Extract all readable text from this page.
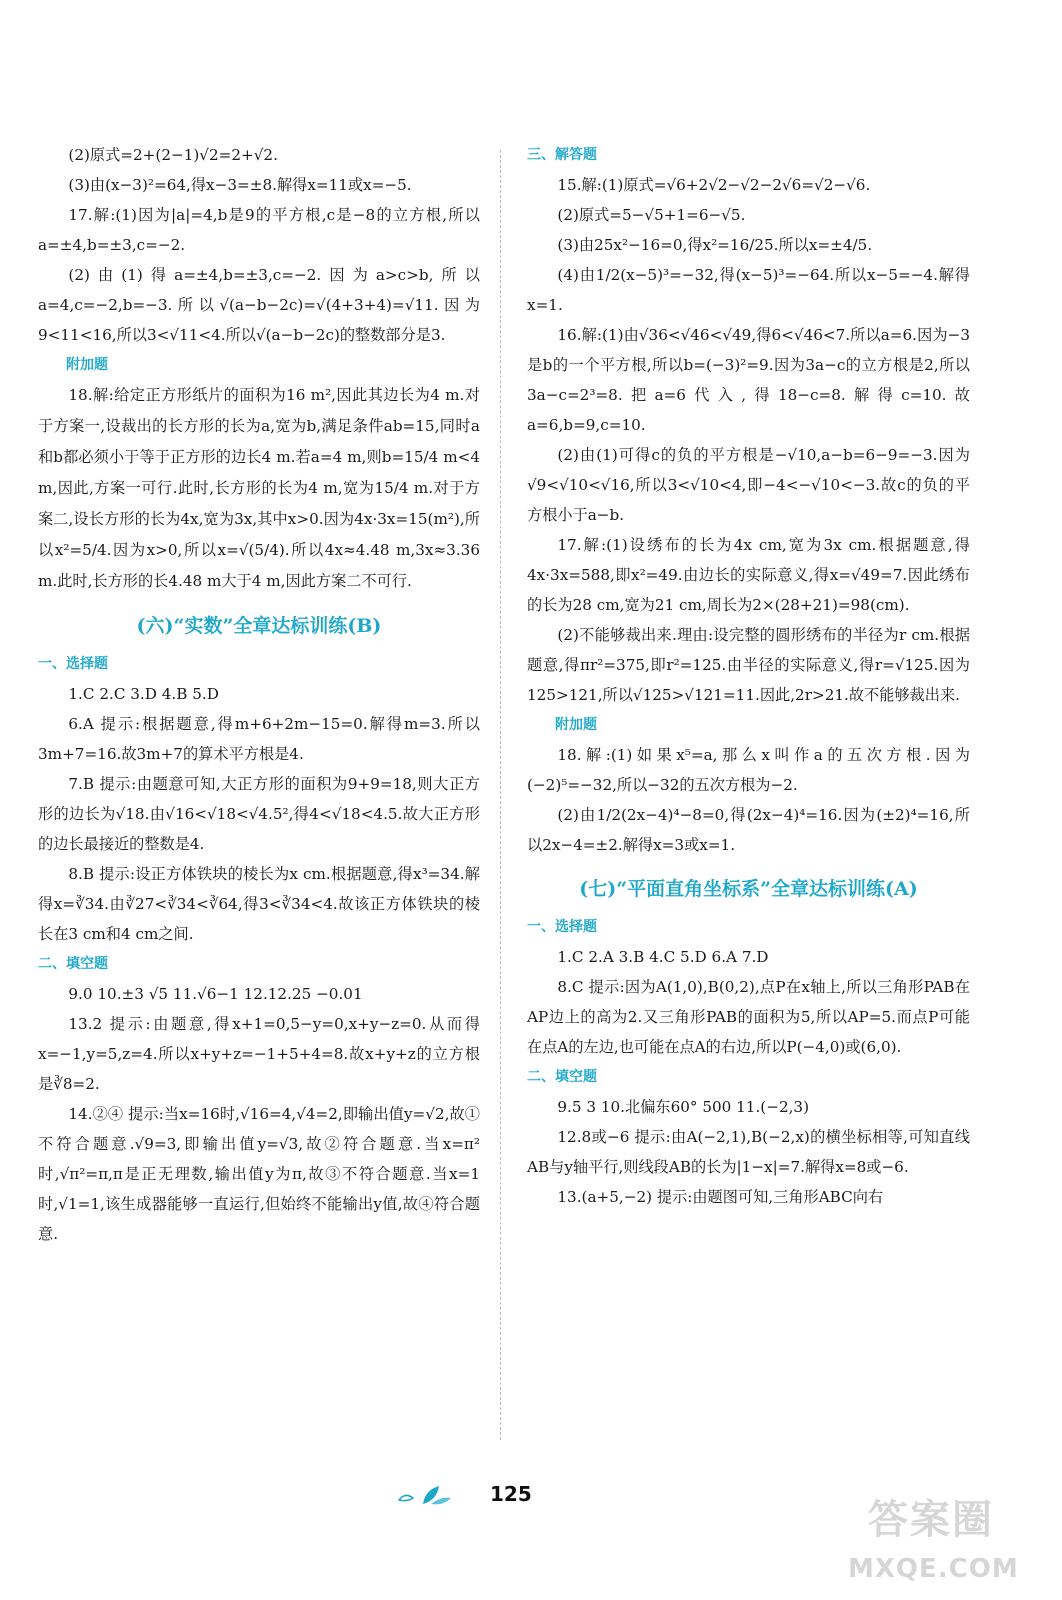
(2)原式=2+(2−1)√2=2+√2.

(3)由(x−3)²=64,得x−3=±8.解得x=11或x=−5.

17.解:(1)因为|a|=4,b是9的平方根,c是−8的立方根,所以a=±4,b=±3,c=−2.

(2)由(1)得a=±4,b=±3,c=−2.因为a>c>b,所以a=4,c=−2,b=−3.所以√(a−b−2c)=√(4+3+4)=√11.因为9<11<16,所以3<√11<4.所以√(a−b−2c)的整数部分是3.

附加题

18.解:给定正方形纸片的面积为16 m²,因此其边长为4 m.对于方案一,设裁出的长方形的长为a,宽为b,满足条件ab=15,同时a和b都必须小于等于正方形的边长4 m.若a=4 m,则b=15/4 m<4 m,因此,方案一可行.此时,长方形的长为4 m,宽为15/4 m.对于方案二,设长方形的长为4x,宽为3x,其中x>0.因为4x·3x=15(m²),所以x²=5/4.因为x>0,所以x=√(5/4).所以4x≈4.48 m,3x≈3.36 m.此时,长方形的长4.48 m大于4 m,因此方案二不可行.

(六)“实数”全章达标训练(B)

一、选择题

1.C 2.C 3.D 4.B 5.D

6.A 提示:根据题意,得m+6+2m−15=0.解得m=3.所以3m+7=16.故3m+7的算术平方根是4.

7.B 提示:由题意可知,大正方形的面积为9+9=18,则大正方形的边长为√18.由√16<√18<√4.5²,得4<√18<4.5.故大正方形的边长最接近的整数是4.

8.B 提示:设正方体铁块的棱长为x cm.根据题意,得x³=34.解得x=∛34.由∛27<∛34<∛64,得3<∛34<4.故该正方体铁块的棱长在3 cm和4 cm之间.

二、填空题

9.0 10.±3 √5 11.√6−1 12.12.25 −0.01

13.2 提示:由题意,得x+1=0,5−y=0,x+y−z=0.从而得x=−1,y=5,z=4.所以x+y+z=−1+5+4=8.故x+y+z的立方根是∛8=2.

14.②④ 提示:当x=16时,√16=4,√4=2,即输出值y=√2,故①不符合题意.√9=3,即输出值y=√3,故②符合题意.当x=π²时,√π²=π,π是正无理数,输出值y为π,故③不符合题意.当x=1时,√1=1,该生成器能够一直运行,但始终不能输出y值,故④符合题意.

三、解答题

15.解:(1)原式=√6+2√2−√2−2√6=√2−√6.

(2)原式=5−√5+1=6−√5.

(3)由25x²−16=0,得x²=16/25.所以x=±4/5.

(4)由1/2(x−5)³=−32,得(x−5)³=−64.所以x−5=−4.解得x=1.

16.解:(1)由√36<√46<√49,得6<√46<7.所以a=6.因为−3是b的一个平方根,所以b=(−3)²=9.因为3a−c的立方根是2,所以3a−c=2³=8.把a=6代入,得18−c=8.解得c=10.故a=6,b=9,c=10.

(2)由(1)可得c的负的平方根是−√10,a−b=6−9=−3.因为√9<√10<√16,所以3<√10<4,即−4<−√10<−3.故c的负的平方根小于a−b.

17.解:(1)设绣布的长为4x cm,宽为3x cm.根据题意,得4x·3x=588,即x²=49.由边长的实际意义,得x=√49=7.因此绣布的长为28 cm,宽为21 cm,周长为2×(28+21)=98(cm).

(2)不能够裁出来.理由:设完整的圆形绣布的半径为r cm.根据题意,得πr²=375,即r²=125.由半径的实际意义,得r=√125.因为125>121,所以√125>√121=11.因此,2r>21.故不能够裁出来.

附加题

18.解:(1)如果x⁵=a,那么x叫作a的五次方根.因为(−2)⁵=−32,所以−32的五次方根为−2.

(2)由1/2(2x−4)⁴−8=0,得(2x−4)⁴=16.因为(±2)⁴=16,所以2x−4=±2.解得x=3或x=1.

(七)“平面直角坐标系”全章达标训练(A)

一、选择题

1.C 2.A 3.B 4.C 5.D 6.A 7.D

8.C 提示:因为A(1,0),B(0,2),点P在x轴上,所以三角形PAB在AP边上的高为2.又三角形PAB的面积为5,所以AP=5.而点P可能在点A的左边,也可能在点A的右边,所以P(−4,0)或(6,0).

二、填空题

9.5 3 10.北偏东60° 500 11.(−2,3)

12.8或−6 提示:由A(−2,1),B(−2,x)的横坐标相等,可知直线AB与y轴平行,则线段AB的长为|1−x|=7.解得x=8或−6.

13.(a+5,−2) 提示:由题图可知,三角形ABC向右

125
答案圈
MXQE.COM
